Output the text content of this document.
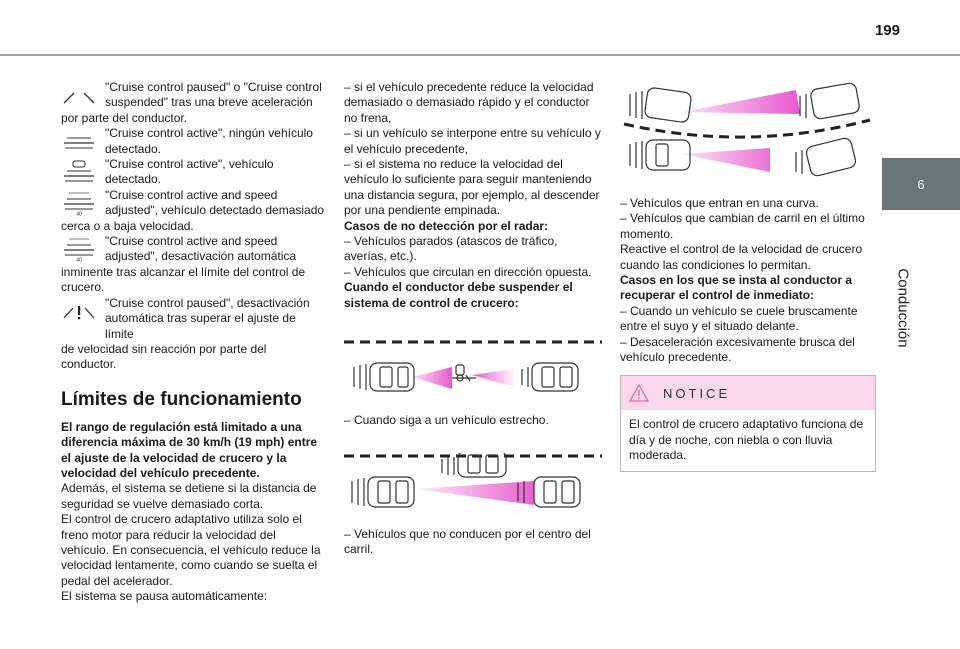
199
6
Conducción

"Cruise control paused" o "Cruise control

suspended" tras una breve aceleración

por parte del conductor.

"Cruise control active", ningún vehículo

detectado.

"Cruise control active", vehículo

detectado.

40

"Cruise control active and speed

adjusted", vehículo detectado demasiado

cerca o a baja velocidad.

40

"Cruise control active and speed

adjusted", desactivación automática

inminente tras alcanzar el límite del control de crucero.

"Cruise control paused", desactivación

automática tras superar el ajuste de límite

de velocidad sin reacción por parte del conductor.

Límites de funcionamiento

El rango de regulación está limitado a una diferencia máxima de 30 km/h (19 mph) entre el ajuste de la velocidad de crucero y la velocidad del vehículo precedente.

Además, el sistema se detiene si la distancia de seguridad se vuelve demasiado corta.

El control de crucero adaptativo utiliza solo el freno motor para reducir la velocidad del vehículo. En consecuencia, el vehículo reduce la velocidad lentamente, como cuando se suelta el pedal del acelerador.

El sistema se pausa automáticamente:

– si el vehículo precedente reduce la velocidad demasiado o demasiado rápido y el conductor no frena,

– si un vehículo se interpone entre su vehículo y el vehículo precedente,

– si el sistema no reduce la velocidad del vehículo lo suficiente para seguir manteniendo una distancia segura, por ejemplo, al descender por una pendiente empinada.

Casos de no detección por el radar:

– Vehículos parados (atascos de tráfico, averías, etc.).

– Vehículos que circulan en dirección opuesta.

Cuando el conductor debe suspender el sistema de control de crucero:

– Cuando siga a un vehículo estrecho.

– Vehículos que no conducen por el centro del carril.

– Vehículos que entran en una curva.

– Vehículos que cambian de carril en el último momento.

Reactive el control de la velocidad de crucero cuando las condiciones lo permitan.

Casos en los que se insta al conductor a recuperar el control de inmediato:

– Cuando un vehículo se cuele bruscamente entre el suyo y el situado delante.

– Desaceleración excesivamente brusca del vehículo precedente.

NOTICE
El control de crucero adaptativo funciona de día y de noche, con niebla o con lluvia moderada.
